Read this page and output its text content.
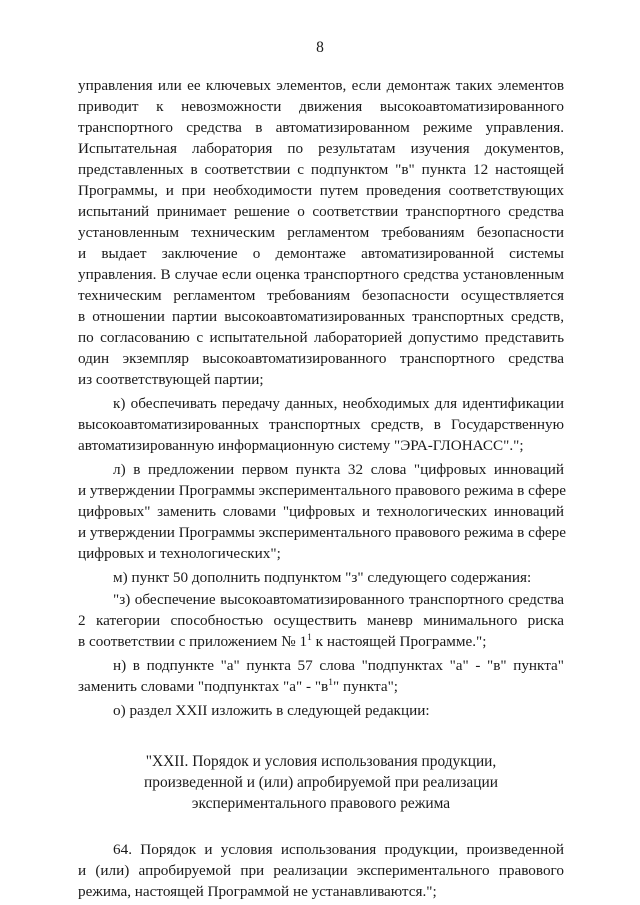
8
управления или ее ключевых элементов, если демонтаж таких элементов
приводит к невозможности движения высокоавтоматизированного
транспортного средства в автоматизированном режиме управления.
Испытательная лаборатория по результатам изучения документов,
представленных в соответствии с подпунктом "в" пункта 12 настоящей
Программы, и при необходимости путем проведения соответствующих
испытаний принимает решение о соответствии транспортного средства
установленным техническим регламентом требованиям безопасности
и выдает заключение о демонтаже автоматизированной системы
управления. В случае если оценка транспортного средства установленным
техническим регламентом требованиям безопасности осуществляется
в отношении партии высокоавтоматизированных транспортных средств,
по согласованию с испытательной лабораторией допустимо представить
один экземпляр высокоавтоматизированного транспортного средства
из соответствующей партии;
к) обеспечивать передачу данных, необходимых для идентификации
высокоавтоматизированных транспортных средств, в Государственную
автоматизированную информационную систему "ЭРА-ГЛОНАСС".";
л) в предложении первом пункта 32 слова "цифровых инноваций
и утверждении Программы экспериментального правового режима в сфере
цифровых" заменить словами "цифровых и технологических инноваций
и утверждении Программы экспериментального правового режима в сфере
цифровых и технологических";
м) пункт 50 дополнить подпунктом "з" следующего содержания:
"з) обеспечение высокоавтоматизированного транспортного средства
2 категории способностью осуществить маневр минимального риска
в соответствии с приложением № $1^1$ к настоящей Программе.";
н) в подпункте "а" пункта 57 слова "подпунктах "а" - "в" пункта"
заменить словами "подпунктах "а" - "$в^1$" пункта";
о) раздел XXII изложить в следующей редакции:
"XXII. Порядок и условия использования продукции,
произведенной и (или) апробируемой при реализации
экспериментального правового режима
64. Порядок и условия использования продукции, произведенной
и (или) апробируемой при реализации экспериментального правового
режима, настоящей Программой не устанавливаются.";
